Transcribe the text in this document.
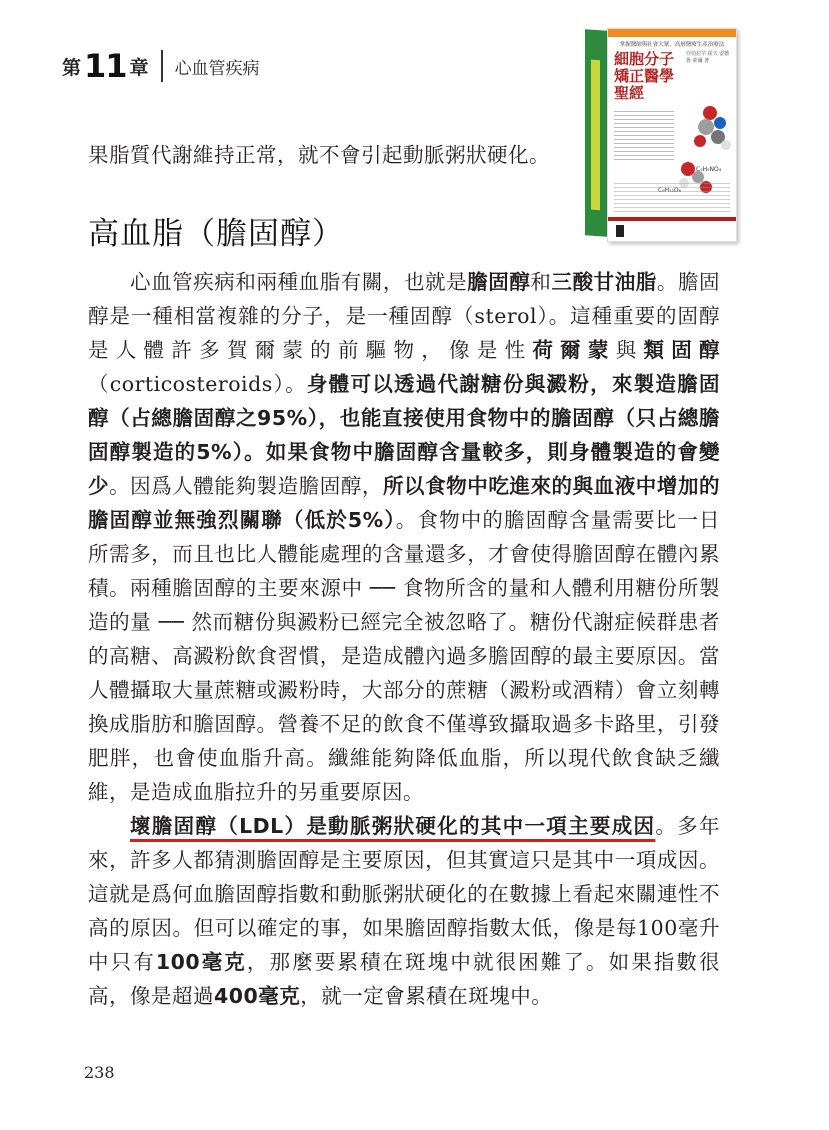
第 11 章 心血管疾病
掌握醫師與社會大眾，高層醫療生產治療法
細胞分子矯正醫學聖經
亞伯拉罕 霍夫 安德魯 索爾 著
C₅H₉NO₄
C₆H₁₂O₆

果脂質代謝維持正常，就不會引起動脈粥狀硬化。

高血脂（膽固醇）

心血管疾病和兩種血脂有關，也就是膽固醇和三酸甘油脂。膽固醇是一種相當複雜的分子，是一種固醇（sterol）。這種重要的固醇是人體許多賀爾蒙的前驅物，像是性荷爾蒙與類固醇（corticosteroids）。身體可以透過代謝糖份與澱粉，來製造膽固醇（占總膽固醇之95%），也能直接使用食物中的膽固醇（只占總膽固醇製造的5%）。如果食物中膽固醇含量較多，則身體製造的會變少。因爲人體能夠製造膽固醇，所以食物中吃進來的與血液中增加的膽固醇並無強烈關聯（低於5%）。食物中的膽固醇含量需要比一日所需多，而且也比人體能處理的含量還多，才會使得膽固醇在體內累積。 兩種膽固醇的主要來源中 ── 食物所含的量和人體利用糖份所製造的量 ── 然而糖份與澱粉已經完全被忽略了。糖份代謝症候群患者的高糖、高澱粉飲食習慣，是造成體內過多膽固醇的最主要原因。當人體攝取大量蔗糖或澱粉時，大部分的蔗糖（澱粉或酒精）會立刻轉換成脂肪和膽固醇。營養不足的飲食不僅導致攝取過多卡路里，引發肥胖，也會使血脂升高。纖維能夠降低血脂，所以現代飲食缺乏纖維，是造成血脂拉升的另重要原因。

壞膽固醇（LDL）是動脈粥狀硬化的其中一項主要成因。多年來，許多人都猜測膽固醇是主要原因，但其實這只是其中一項成因。這就是爲何血膽固醇指數和動脈粥狀硬化的在數據上看起來關連性不高的原因。但可以確定的事，如果膽固醇指數太低，像是每100毫升中只有100毫克，那麼要累積在斑塊中就很困難了。如果指數很高，像是超過400毫克，就一定會累積在斑塊中。

238
